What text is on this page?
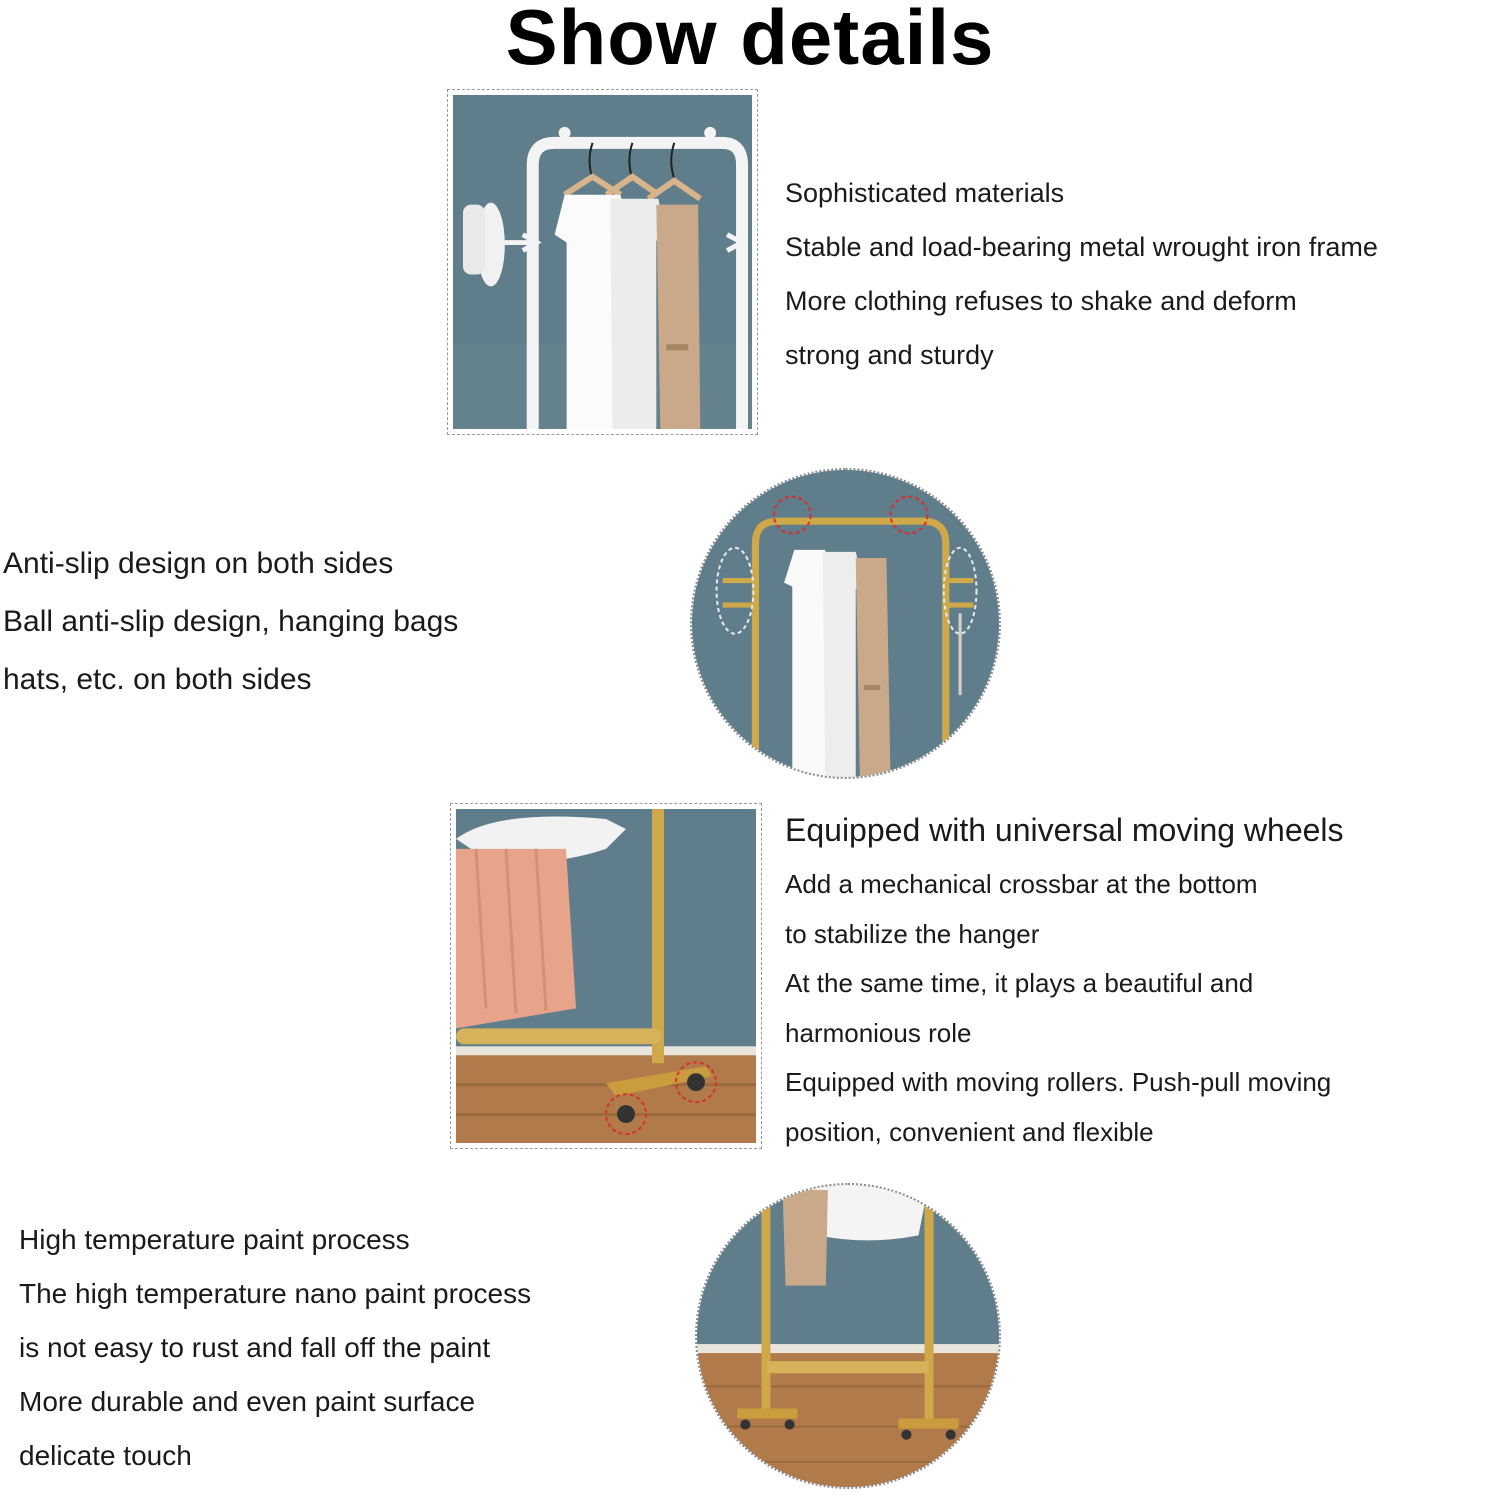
Show details
Sophisticated materials
Stable and load-bearing metal wrought iron frame
More clothing refuses to shake and deform
strong and sturdy
Anti-slip design on both sides
Ball anti-slip design, hanging bags
hats, etc. on both sides
Equipped with universal moving wheels
Add a mechanical crossbar at the bottom
to stabilize the hanger
At the same time, it plays a beautiful and
harmonious role
Equipped with moving rollers. Push-pull moving
position, convenient and flexible
High temperature paint process
The high temperature nano paint process
is not easy to rust and fall off the paint
More durable and even paint surface
delicate touch
